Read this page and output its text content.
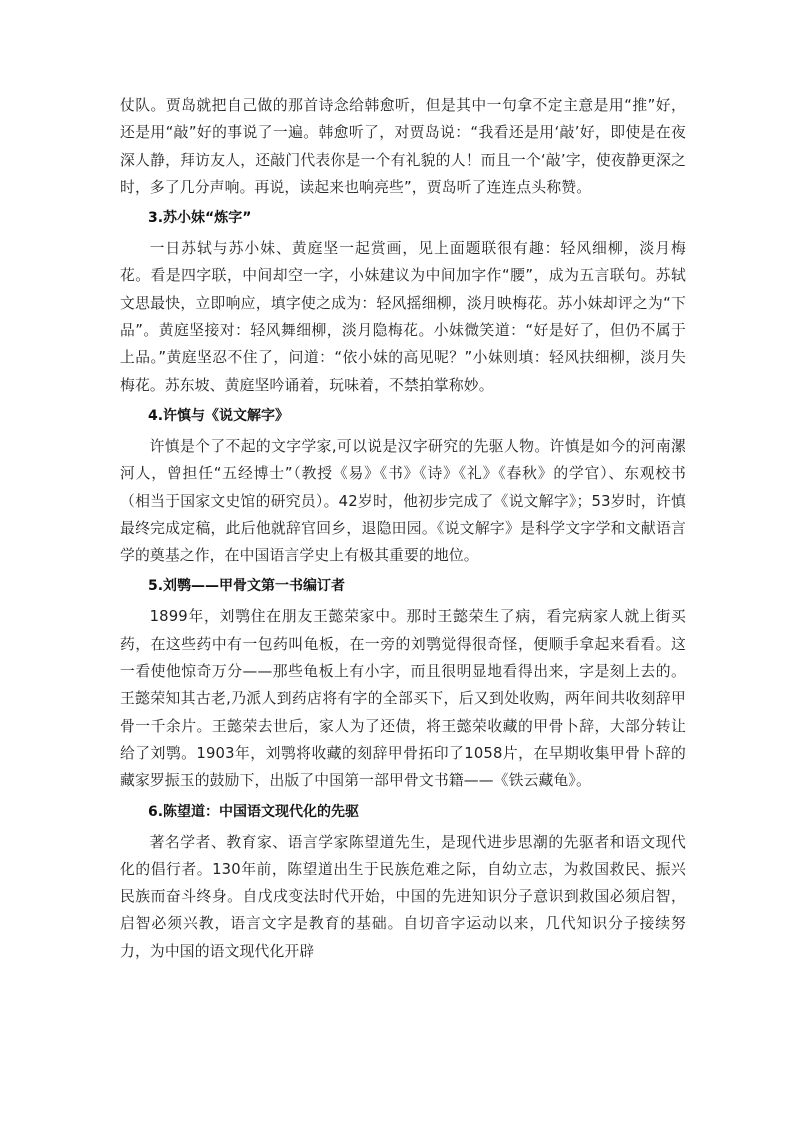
仗队。贾岛就把自己做的那首诗念给韩愈听，但是其中一句拿不定主意是用“推”好，还是用“敲”好的事说了一遍。韩愈听了，对贾岛说：“我看还是用‘敲’好，即使是在夜深人静，拜访友人，还敲门代表你是一个有礼貌的人！而且一个‘敲’字，使夜静更深之时，多了几分声响。再说，读起来也响亮些”，贾岛听了连连点头称赞。

3.苏小妹“炼字”

一日苏轼与苏小妹、黄庭坚一起赏画，见上面题联很有趣：轻风细柳，淡月梅花。看是四字联，中间却空一字，小妹建议为中间加字作“腰”，成为五言联句。苏轼文思最快，立即响应，填字使之成为：轻风摇细柳，淡月映梅花。苏小妹却评之为“下品”。黄庭坚接对：轻风舞细柳，淡月隐梅花。小妹微笑道：“好是好了，但仍不属于上品。”黄庭坚忍不住了，问道：“依小妹的高见呢？”小妹则填：轻风扶细柳，淡月失梅花。苏东坡、黄庭坚吟诵着，玩味着，不禁拍掌称妙。

4.许慎与《说文解字》

许慎是个了不起的文字学家,可以说是汉字研究的先驱人物。许慎是如今的河南漯河人，曾担任“五经博士”（教授《易》《书》《诗》《礼》《春秋》的学官）、东观校书（相当于国家文史馆的研究员）。42岁时，他初步完成了《说文解字》；53岁时，许慎最终完成定稿，此后他就辞官回乡，退隐田园。《说文解字》是科学文字学和文献语言学的奠基之作，在中国语言学史上有极其重要的地位。

5.刘鹗——甲骨文第一书编订者

1899年，刘鹗住在朋友王懿荣家中。那时王懿荣生了病，看完病家人就上街买药，在这些药中有一包药叫龟板，在一旁的刘鹗觉得很奇怪，便顺手拿起来看看。这一看使他惊奇万分——那些龟板上有小字，而且很明显地看得出来，字是刻上去的。王懿荣知其古老,乃派人到药店将有字的全部买下，后又到处收购，两年间共收刻辞甲骨一千余片。王懿荣去世后，家人为了还债，将王懿荣收藏的甲骨卜辞，大部分转让给了刘鹗。1903年，刘鹗将收藏的刻辞甲骨拓印了1058片，在早期收集甲骨卜辞的藏家罗振玉的鼓励下，出版了中国第一部甲骨文书籍——《铁云藏龟》。

6.陈望道：中国语文现代化的先驱

著名学者、教育家、语言学家陈望道先生，是现代进步思潮的先驱者和语文现代化的倡行者。130年前，陈望道出生于民族危难之际，自幼立志，为救国救民、振兴民族而奋斗终身。自戊戌变法时代开始，中国的先进知识分子意识到救国必须启智，启智必须兴教，语言文字是教育的基础。自切音字运动以来，几代知识分子接续努力，为中国的语文现代化开辟
